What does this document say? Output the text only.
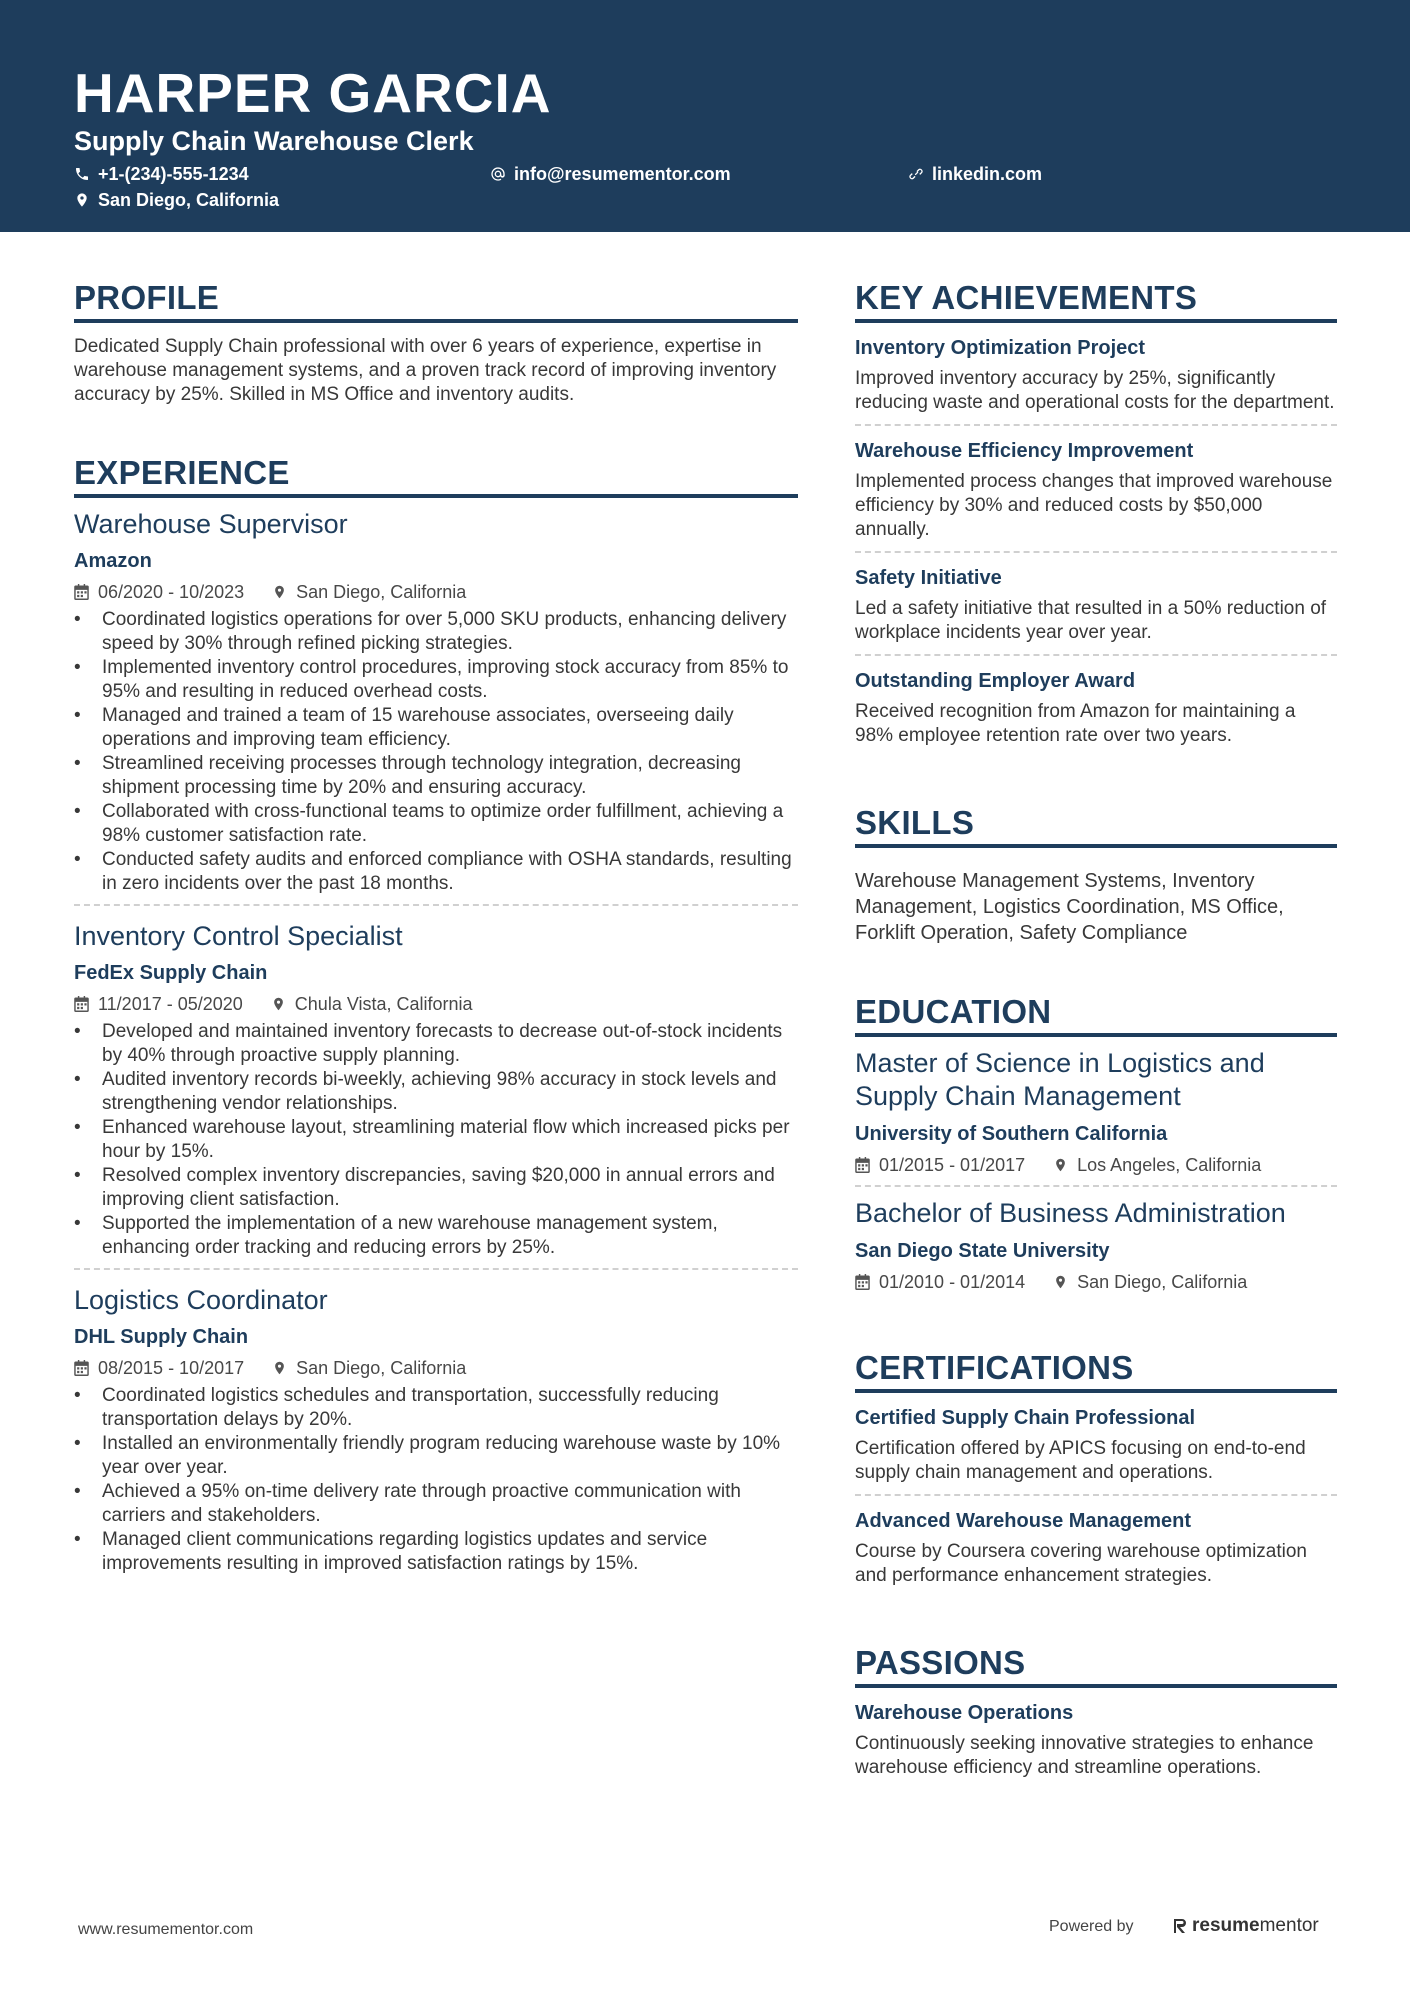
HARPER GARCIA
Supply Chain Warehouse Clerk
+1-(234)-555-1234	info@resumementor.com	linkedin.com
San Diego, California
PROFILE
Dedicated Supply Chain professional with over 6 years of experience, expertise in warehouse management systems, and a proven track record of improving inventory accuracy by 25%. Skilled in MS Office and inventory audits.
EXPERIENCE
Warehouse Supervisor
Amazon
06/2020 - 10/2023	San Diego, California
• Coordinated logistics operations for over 5,000 SKU products, enhancing delivery speed by 30% through refined picking strategies.
• Implemented inventory control procedures, improving stock accuracy from 85% to 95% and resulting in reduced overhead costs.
• Managed and trained a team of 15 warehouse associates, overseeing daily operations and improving team efficiency.
• Streamlined receiving processes through technology integration, decreasing shipment processing time by 20% and ensuring accuracy.
• Collaborated with cross-functional teams to optimize order fulfillment, achieving a 98% customer satisfaction rate.
• Conducted safety audits and enforced compliance with OSHA standards, resulting in zero incidents over the past 18 months.
Inventory Control Specialist
FedEx Supply Chain
11/2017 - 05/2020	Chula Vista, California
• Developed and maintained inventory forecasts to decrease out-of-stock incidents by 40% through proactive supply planning.
• Audited inventory records bi-weekly, achieving 98% accuracy in stock levels and strengthening vendor relationships.
• Enhanced warehouse layout, streamlining material flow which increased picks per hour by 15%.
• Resolved complex inventory discrepancies, saving $20,000 in annual errors and improving client satisfaction.
• Supported the implementation of a new warehouse management system, enhancing order tracking and reducing errors by 25%.
Logistics Coordinator
DHL Supply Chain
08/2015 - 10/2017	San Diego, California
• Coordinated logistics schedules and transportation, successfully reducing transportation delays by 20%.
• Installed an environmentally friendly program reducing warehouse waste by 10% year over year.
• Achieved a 95% on-time delivery rate through proactive communication with carriers and stakeholders.
• Managed client communications regarding logistics updates and service improvements resulting in improved satisfaction ratings by 15%.
KEY ACHIEVEMENTS
Inventory Optimization Project
Improved inventory accuracy by 25%, significantly reducing waste and operational costs for the department.
Warehouse Efficiency Improvement
Implemented process changes that improved warehouse efficiency by 30% and reduced costs by $50,000 annually.
Safety Initiative
Led a safety initiative that resulted in a 50% reduction of workplace incidents year over year.
Outstanding Employer Award
Received recognition from Amazon for maintaining a 98% employee retention rate over two years.
SKILLS
Warehouse Management Systems, Inventory Management, Logistics Coordination, MS Office, Forklift Operation, Safety Compliance
EDUCATION
Master of Science in Logistics and Supply Chain Management
University of Southern California
01/2015 - 01/2017	Los Angeles, California
Bachelor of Business Administration
San Diego State University
01/2010 - 01/2014	San Diego, California
CERTIFICATIONS
Certified Supply Chain Professional
Certification offered by APICS focusing on end-to-end supply chain management and operations.
Advanced Warehouse Management
Course by Coursera covering warehouse optimization and performance enhancement strategies.
PASSIONS
Warehouse Operations
Continuously seeking innovative strategies to enhance warehouse efficiency and streamline operations.
www.resumementor.com	Powered by	resume mentor
